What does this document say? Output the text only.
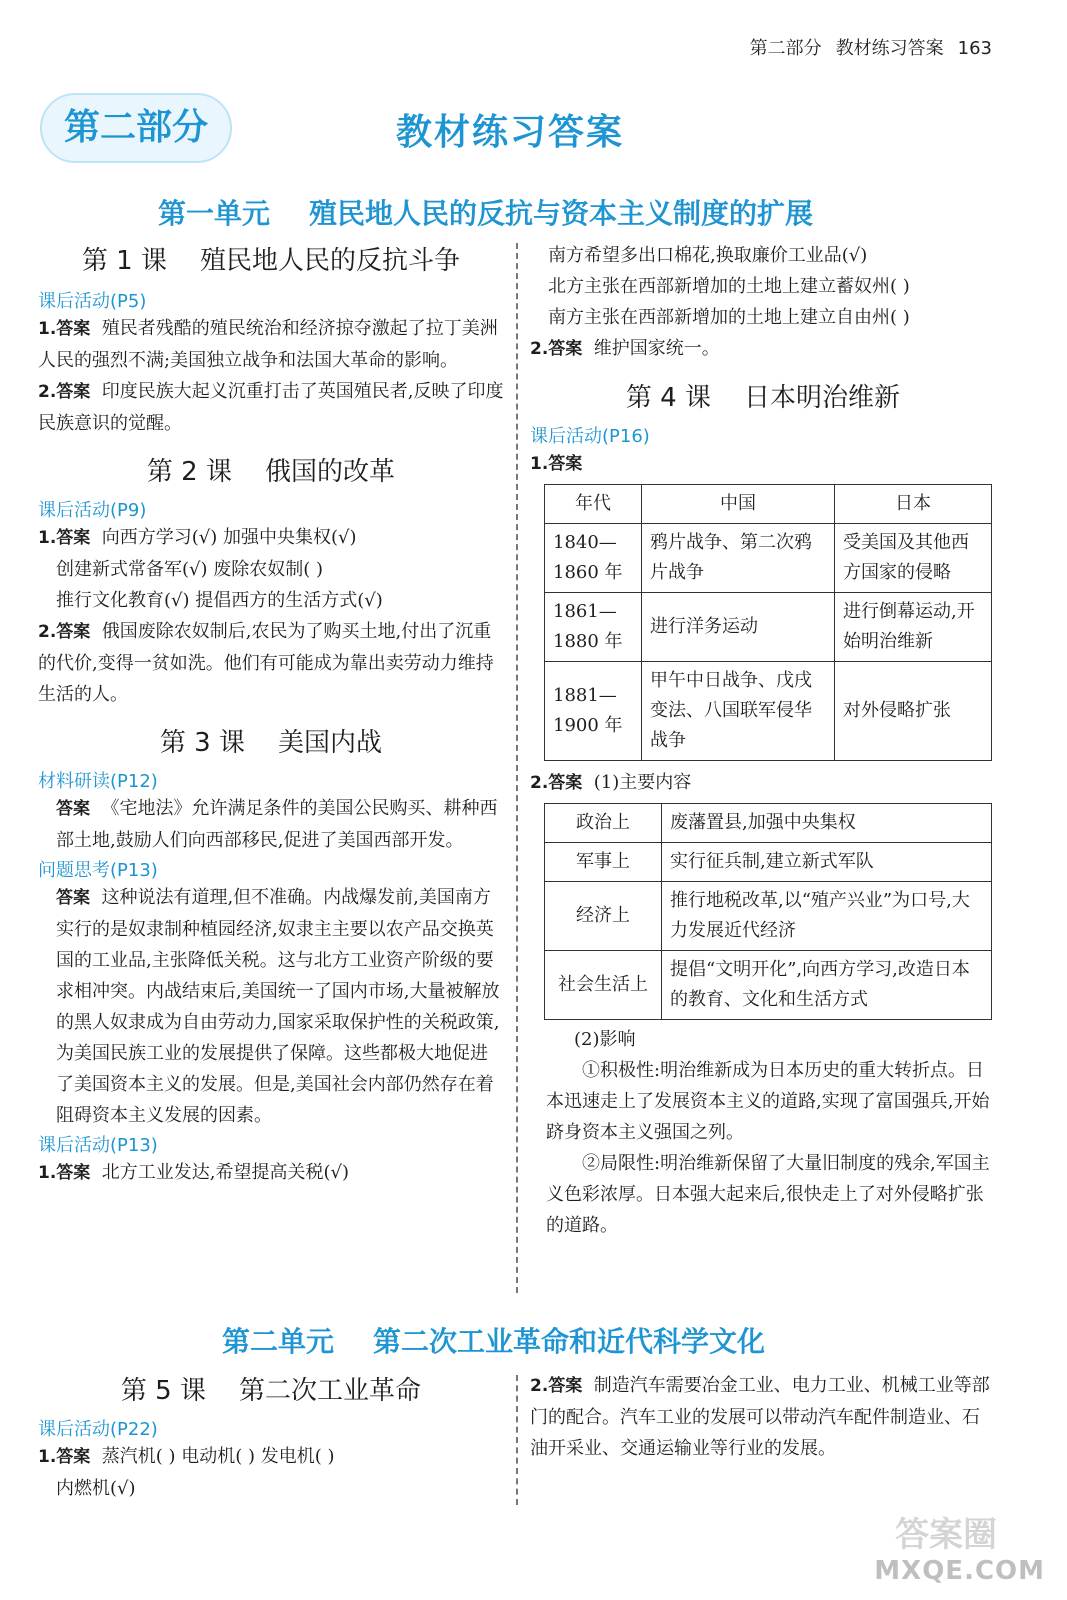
第二部分 教材练习答案 163
第二部分	教材练习答案
第一单元    殖民地人民的反抗与资本主义制度的扩展
第 1 课    殖民地人民的反抗斗争
课后活动(P5)
1.答案 殖民者残酷的殖民统治和经济掠夺激起了拉丁美洲人民的强烈不满;美国独立战争和法国大革命的影响。
2.答案 印度民族大起义沉重打击了英国殖民者,反映了印度民族意识的觉醒。
第 2 课    俄国的改革
课后活动(P9)
1.答案 向西方学习(√) 加强中央集权(√)
创建新式常备军(√) 废除农奴制( )
推行文化教育(√) 提倡西方的生活方式(√)
2.答案 俄国废除农奴制后,农民为了购买土地,付出了沉重的代价,变得一贫如洗。他们有可能成为靠出卖劳动力维持生活的人。
第 3 课    美国内战
材料研读(P12)
答案 《宅地法》允许满足条件的美国公民购买、耕种西部土地,鼓励人们向西部移民,促进了美国西部开发。
问题思考(P13)
答案 这种说法有道理,但不准确。内战爆发前,美国南方实行的是奴隶制种植园经济,奴隶主主要以农产品交换英国的工业品,主张降低关税。这与北方工业资产阶级的要求相冲突。内战结束后,美国统一了国内市场,大量被解放的黑人奴隶成为自由劳动力,国家采取保护性的关税政策,为美国民族工业的发展提供了保障。这些都极大地促进了美国资本主义的发展。但是,美国社会内部仍然存在着阻碍资本主义发展的因素。
课后活动(P13)
1.答案 北方工业发达,希望提高关税(√)
南方希望多出口棉花,换取廉价工业品(√)
北方主张在西部新增加的土地上建立蓄奴州( )
南方主张在西部新增加的土地上建立自由州( )
2.答案 维护国家统一。
第 4 课    日本明治维新
课后活动(P16)
1.答案
年代	中国	日本
1840—
1860 年	鸦片战争、第二次鸦片战争	受美国及其他西方国家的侵略
1861—
1880 年	进行洋务运动	进行倒幕运动,开始明治维新
1881—
1900 年	甲午中日战争、戊戌变法、八国联军侵华战争	对外侵略扩张
2.答案 (1)主要内容
政治上	废藩置县,加强中央集权
军事上	实行征兵制,建立新式军队
经济上	推行地税改革,以“殖产兴业”为口号,大力发展近代经济
社会生活上	提倡“文明开化”,向西方学习,改造日本的教育、文化和生活方式
(2)影响
①积极性:明治维新成为日本历史的重大转折点。日本迅速走上了发展资本主义的道路,实现了富国强兵,开始跻身资本主义强国之列。
②局限性:明治维新保留了大量旧制度的残余,军国主义色彩浓厚。日本强大起来后,很快走上了对外侵略扩张的道路。
第二单元    第二次工业革命和近代科学文化
第 5 课    第二次工业革命
课后活动(P22)
1.答案 蒸汽机( ) 电动机( ) 发电机( )
内燃机(√)
2.答案 制造汽车需要冶金工业、电力工业、机械工业等部门的配合。汽车工业的发展可以带动汽车配件制造业、石油开采业、交通运输业等行业的发展。
答案圈
MXQE.COM
